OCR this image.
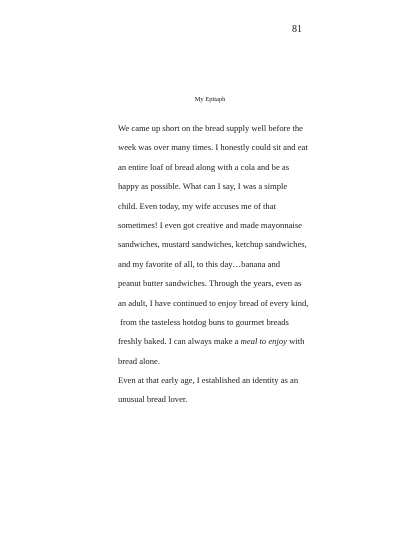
81
My Epitaph
We came up short on the bread supply well before the
week was over many times. I honestly could sit and eat
an entire loaf of bread along with a cola and be as
happy as possible. What can I say, I was a simple
child. Even today, my wife accuses me of that
sometimes! I even got creative and made mayonnaise
sandwiches, mustard sandwiches, ketchup sandwiches,
and my favorite of all, to this day…banana and
peanut butter sandwiches. Through the years, even as
an adult, I have continued to enjoy bread of every kind,
from the tasteless hotdog buns to gourmet breads
freshly baked. I can always make a meal to enjoy with
bread alone.
Even at that early age, I established an identity as an
unusual bread lover.
